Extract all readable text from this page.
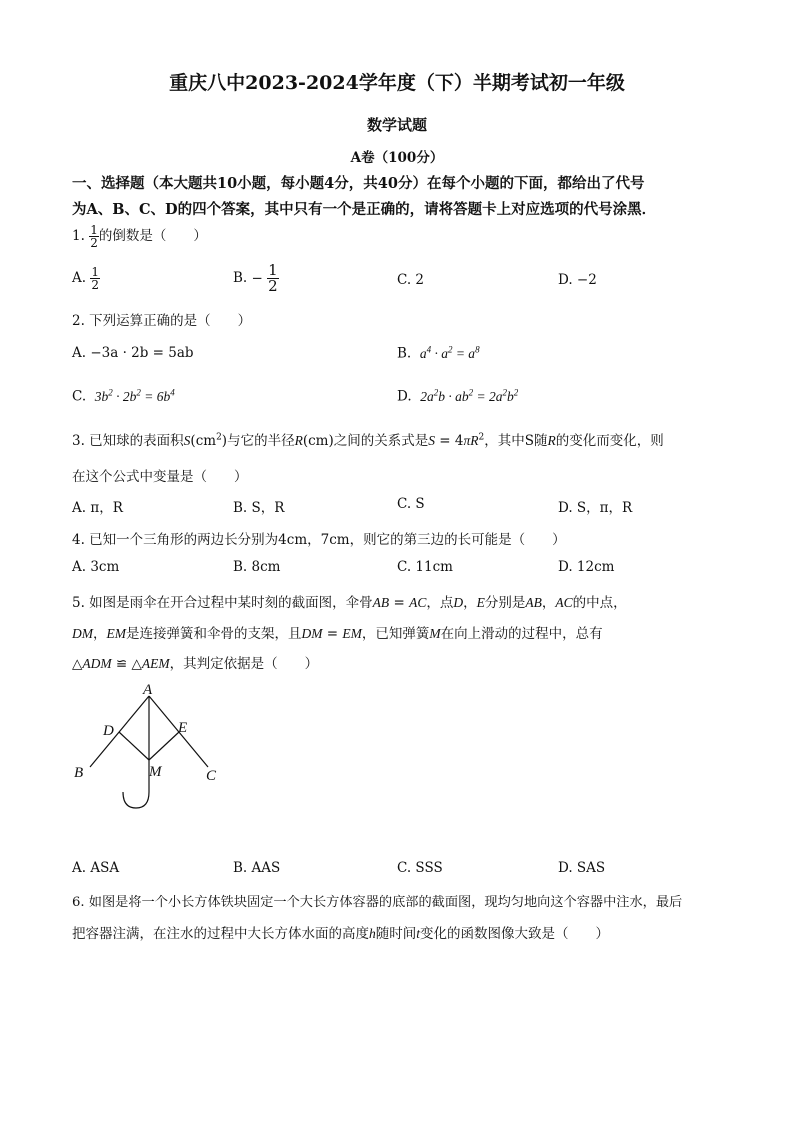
重庆八中2023-2024学年度（下）半期考试初一年级
数学试题
A卷（100分）
一、选择题（本大题共10小题，每小题4分，共40分）在每个小题的下面，都给出了代号
为A、B、C、D的四个答案，其中只有一个是正确的，请将答题卡上对应选项的代号涂黑．
1. $\frac{1}{2}$ 的倒数是（　　）
A. $\frac{1}{2}$	B. − $\frac{1}{2}$	C. 2	D. −2
2. 下列运算正确的是（　　）
A. −3a · 2b = 5ab	B. $a^4 \cdot a^2 = a^8$
C. $3b^2 \cdot 2b^2 = 6b^4$	D. $2a^2b \cdot ab^2 = 2a^2b^2$
3. 已知球的表面积$S(cm^2)$与它的半径R(cm)之间的关系式是$S = 4\pi R^2$，其中S随R的变化而变化，则
在这个公式中变量是（　　）
A. π，R	B. S，R	C. S	D. S，π，R
4. 已知一个三角形的两边长分别为4cm，7cm，则它的第三边的长可能是（　　）
A. 3cm	B. 8cm	C. 11cm	D. 12cm
5. 如图是雨伞在开合过程中某时刻的截面图，伞骨AB = AC，点D，E分别是AB，AC的中点，
DM，EM是连接弹簧和伞骨的支架，且DM = EM，已知弹簧M在向上滑动的过程中，总有
△ADM ≌ △AEM，其判定依据是（　　）
A
B	C
D	E
M
A. ASA	B. AAS	C. SSS	D. SAS
6. 如图是将一个小长方体铁块固定一个大长方体容器的底部的截面图，现均匀地向这个容器中注水，最后
把容器注满，在注水的过程中大长方体水面的高度h随时间t变化的函数图像大致是（　　）
